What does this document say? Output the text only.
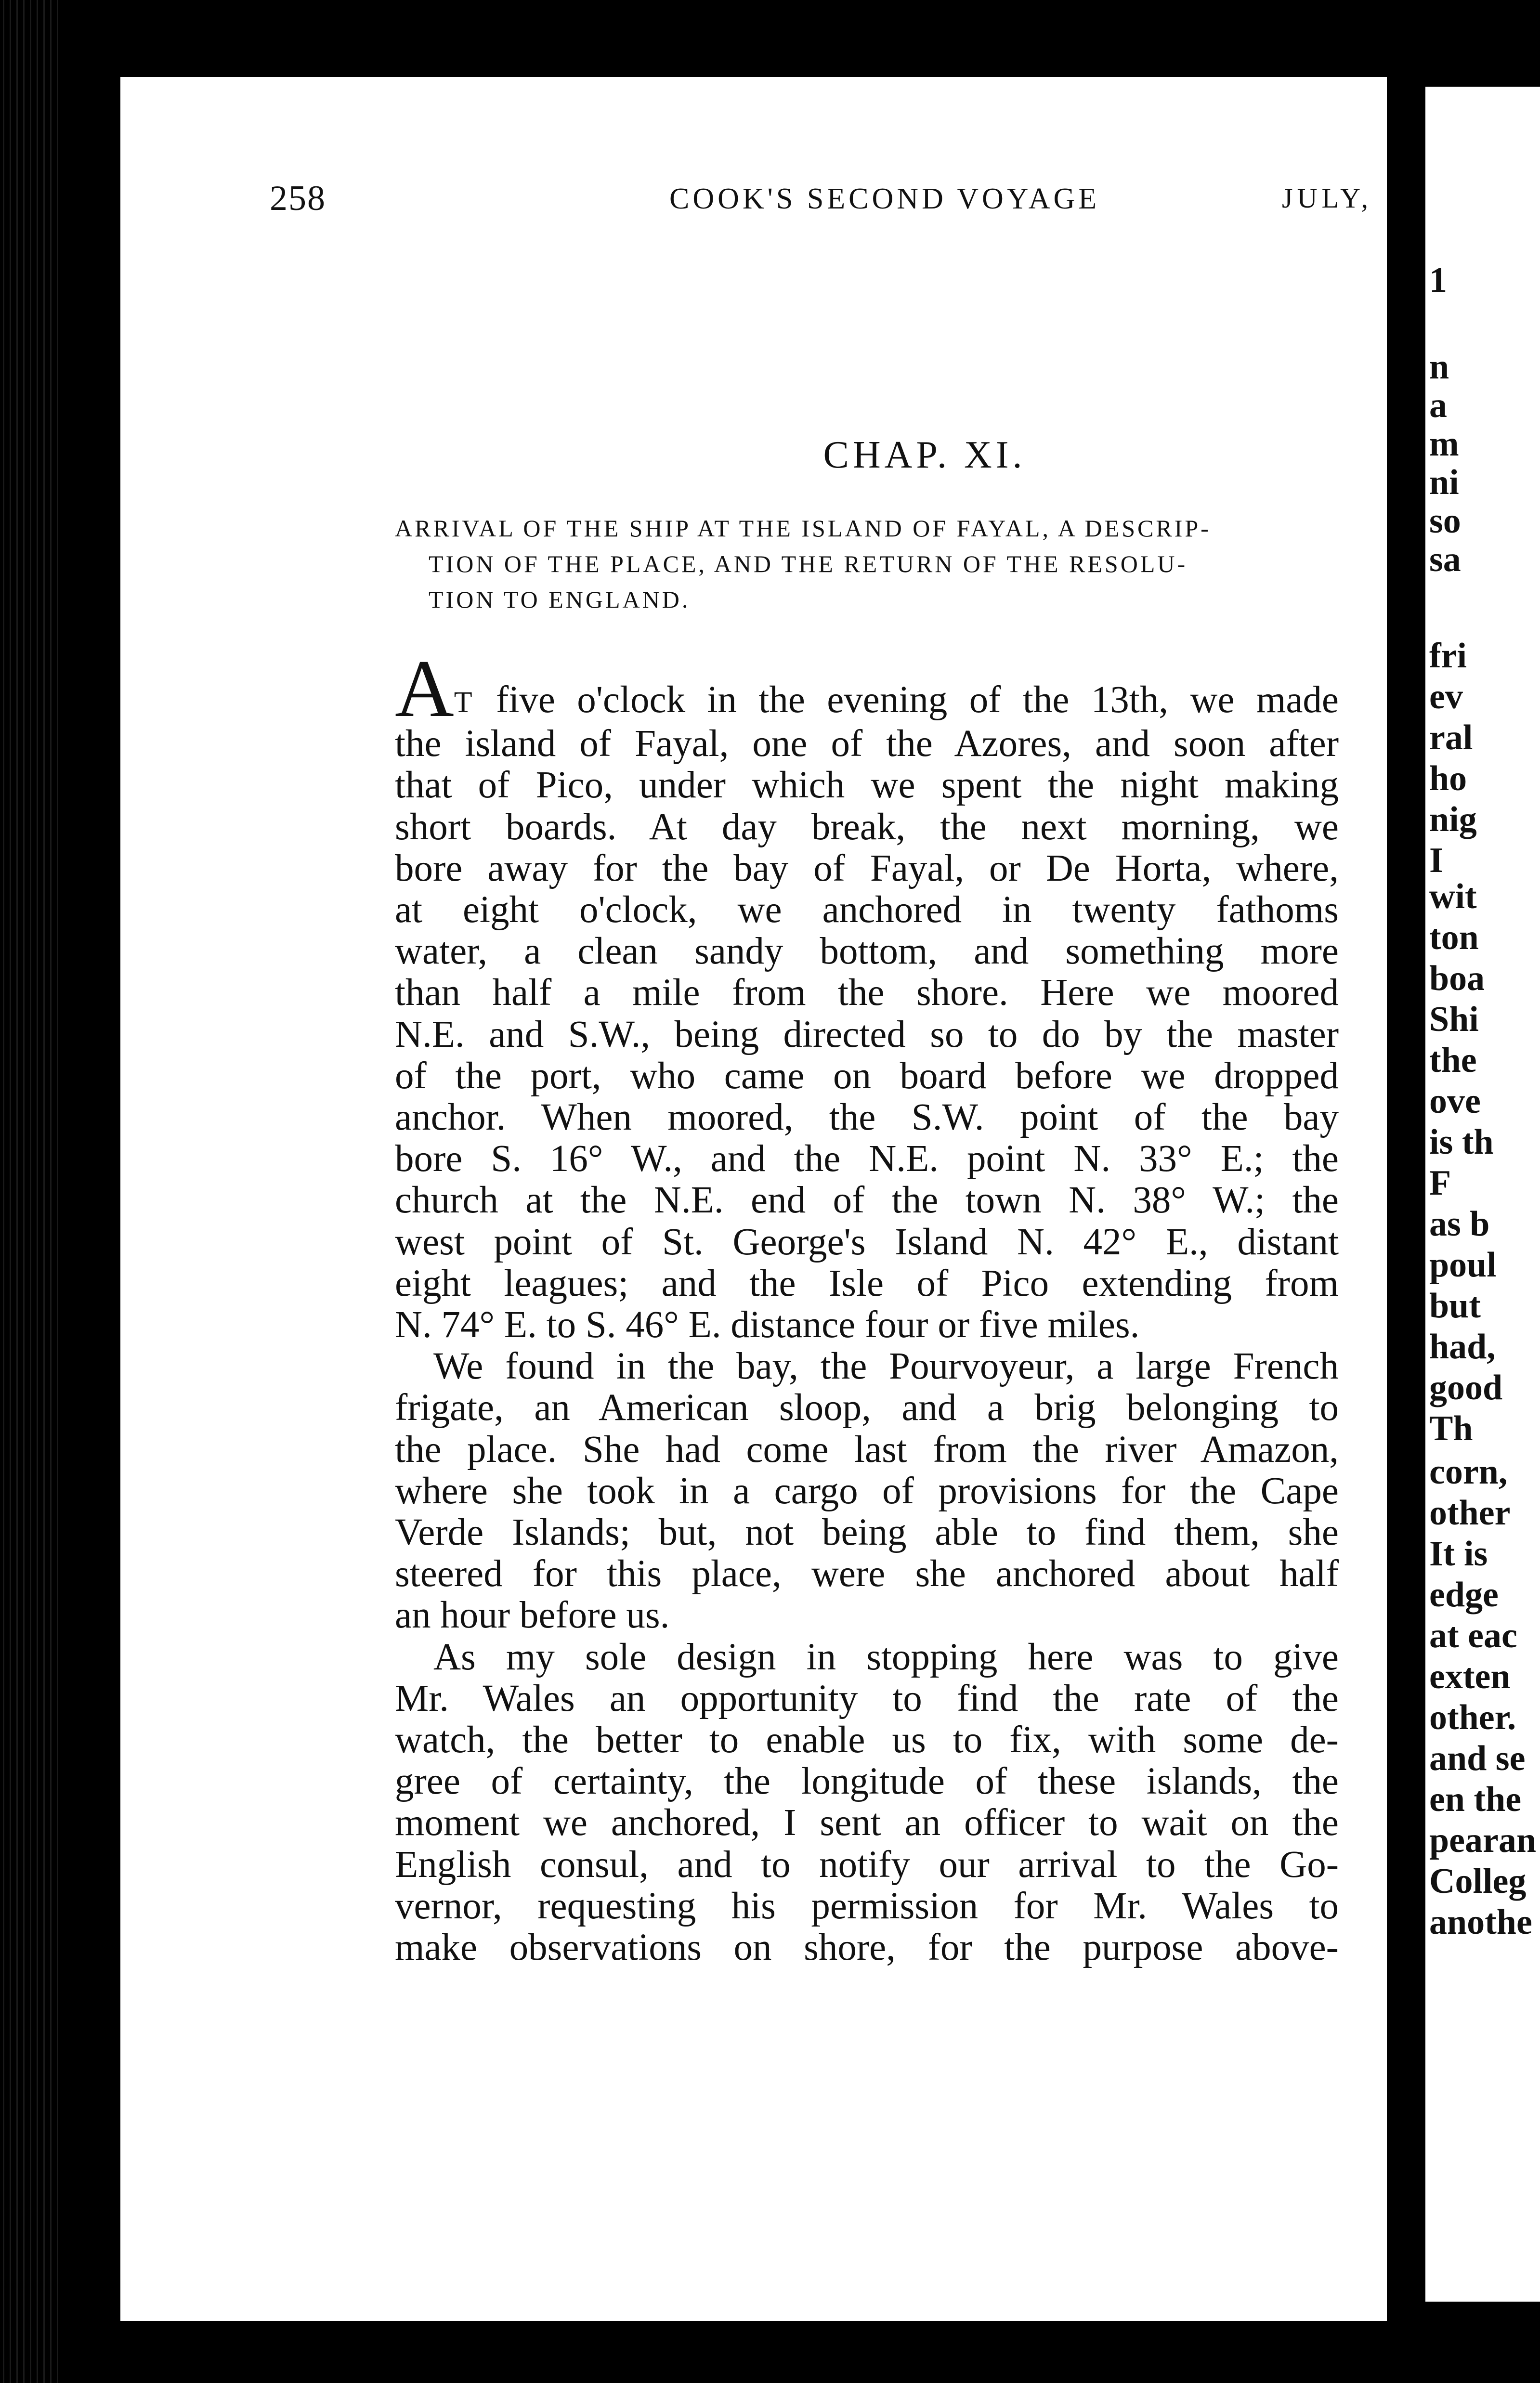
258	COOK'S SECOND VOYAGE	JULY,
CHAP. XI.
ARRIVAL OF THE SHIP AT THE ISLAND OF FAYAL, A DESCRIP-
TION OF THE PLACE, AND THE RETURN OF THE RESOLU-
TION TO ENGLAND.
AT five o'clock in the evening of the 13th, we made
the island of Fayal, one of the Azores, and soon after
that of Pico, under which we spent the night making
short boards. At day break, the next morning, we
bore away for the bay of Fayal, or De Horta, where,
at eight o'clock, we anchored in twenty fathoms
water, a clean sandy bottom, and something more
than half a mile from the shore. Here we moored
N.E. and S.W., being directed so to do by the master
of the port, who came on board before we dropped
anchor. When moored, the S.W. point of the bay
bore S. 16° W., and the N.E. point N. 33° E.; the
church at the N.E. end of the town N. 38° W.; the
west point of St. George's Island N. 42° E., distant
eight leagues; and the Isle of Pico extending from
N. 74° E. to S. 46° E. distance four or five miles.
We found in the bay, the Pourvoyeur, a large French
frigate, an American sloop, and a brig belonging to
the place. She had come last from the river Amazon,
where she took in a cargo of provisions for the Cape
Verde Islands; but, not being able to find them, she
steered for this place, were she anchored about half
an hour before us.
As my sole design in stopping here was to give
Mr. Wales an opportunity to find the rate of the
watch, the better to enable us to fix, with some de-
gree of certainty, the longitude of these islands, the
moment we anchored, I sent an officer to wait on the
English consul, and to notify our arrival to the Go-
vernor, requesting his permission for Mr. Wales to
make observations on shore, for the purpose above-
1
n
a
m
ni
so
sa
fri
ev
ral
ho
nig
I
wit
ton
boa
Shi
the
ove
is th
F
as b
poul
but
had,
good
Th
corn,
other
It is
edge
at eac
exten
other.
and se
en the
pearan
Colleg
anothe
